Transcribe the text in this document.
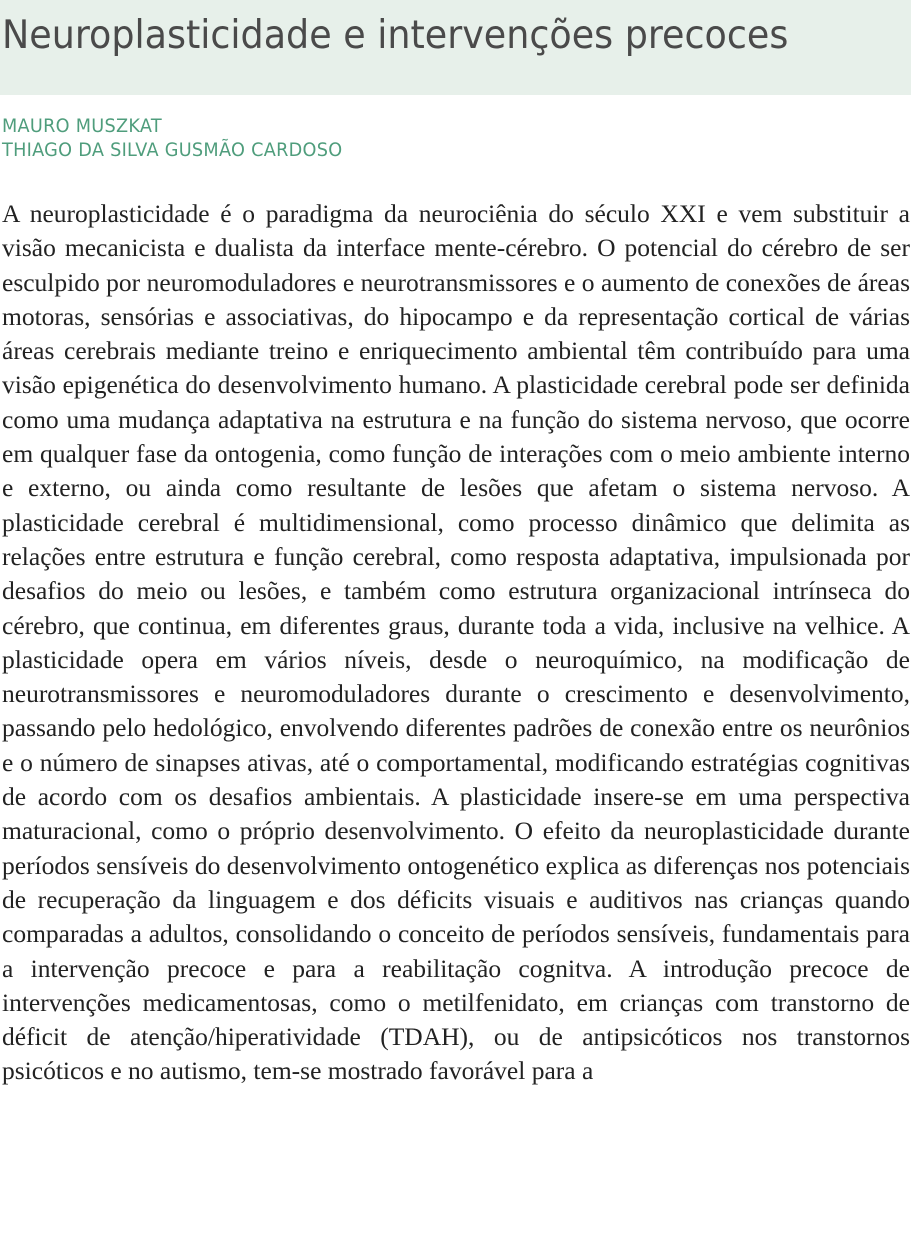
Neuroplasticidade e intervenções precoces
MAURO MUSZKAT
THIAGO DA SILVA GUSMÃO CARDOSO

A neuroplasticidade é o paradigma da neurociênia do século XXI e vem substituir a visão mecanicista e dualista da interface mente-cérebro. O potencial do cérebro de ser esculpido por neuromoduladores e neurotransmissores e o aumento de conexões de áreas motoras, sensórias e associativas, do hipocampo e da representação cortical de várias áreas cerebrais mediante treino e enriquecimento ambiental têm contribuído para uma visão epigenética do desenvolvimento humano. A plasticidade cerebral pode ser definida como uma mudança adaptativa na estrutura e na função do sistema nervoso, que ocorre em qualquer fase da ontogenia, como função de interações com o meio ambiente interno e externo, ou ainda como resultante de lesões que afetam o sistema nervoso. A plasticidade cerebral é multidimensional, como processo dinâmico que delimita as relações entre estrutura e função cerebral, como resposta adaptativa, impulsionada por desafios do meio ou lesões, e também como estrutura organizacional intrínseca do cérebro, que continua, em diferentes graus, durante toda a vida, inclusive na velhice. A plasticidade opera em vários níveis, desde o neuroquímico, na modificação de neurotransmissores e neuromoduladores durante o crescimento e desenvolvimento, passando pelo hedológico, envolvendo diferentes padrões de conexão entre os neurônios e o número de sinapses ativas, até o comportamental, modificando estratégias cognitivas de acordo com os desafios ambientais. A plasticidade insere-se em uma perspectiva maturacional, como o próprio desenvolvimento. O efeito da neuroplasticidade durante períodos sensíveis do desenvolvimento ontogenético explica as diferenças nos potenciais de recuperação da linguagem e dos déficits visuais e auditivos nas crianças quando comparadas a adultos, consolidando o conceito de períodos sensíveis, fundamentais para a intervenção precoce e para a reabilitação cognitva. A introdução precoce de intervenções medicamentosas, como o metilfenidato, em crianças com transtorno de déficit de atenção/hiperatividade (TDAH), ou de antipsicóticos nos transtornos psicóticos e no autismo, tem-se mostrado favorável para a
